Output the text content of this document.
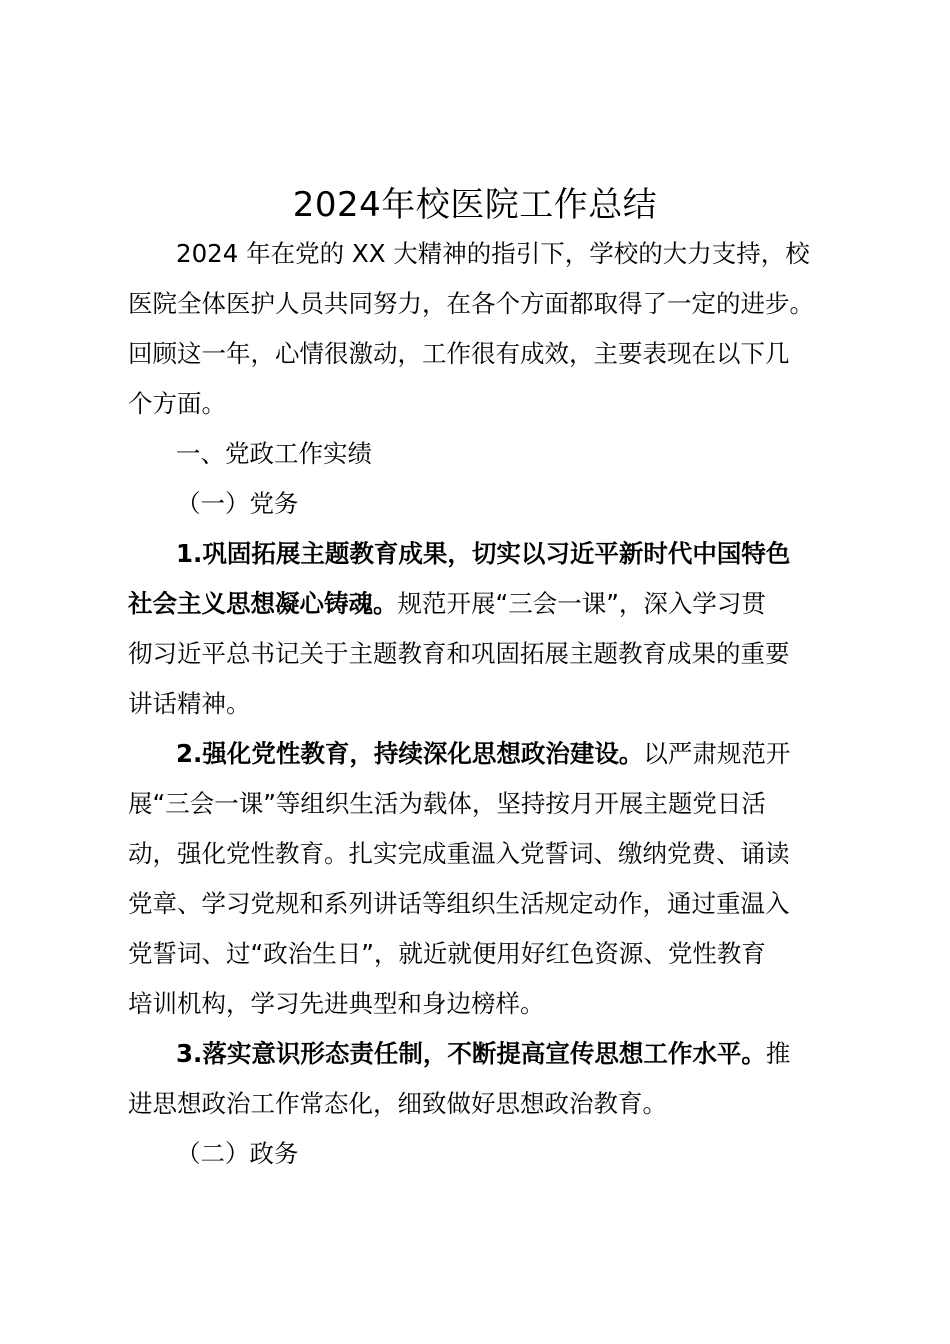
2024年校医院工作总结
2024 年在党的 XX 大精神的指引下，学校的大力支持，校
医院全体医护人员共同努力，在各个方面都取得了一定的进步。
回顾这一年，心情很激动，工作很有成效，主要表现在以下几
个方面。
一、党政工作实绩
（一）党务
1.巩固拓展主题教育成果，切实以习近平新时代中国特色
社会主义思想凝心铸魂。规范开展“三会一课”，深入学习贯
彻习近平总书记关于主题教育和巩固拓展主题教育成果的重要
讲话精神。
2.强化党性教育，持续深化思想政治建设。以严肃规范开
展“三会一课”等组织生活为载体，坚持按月开展主题党日活
动，强化党性教育。扎实完成重温入党誓词、缴纳党费、诵读
党章、学习党规和系列讲话等组织生活规定动作，通过重温入
党誓词、过“政治生日”，就近就便用好红色资源、党性教育
培训机构，学习先进典型和身边榜样。
3.落实意识形态责任制，不断提高宣传思想工作水平。推
进思想政治工作常态化，细致做好思想政治教育。
（二）政务
